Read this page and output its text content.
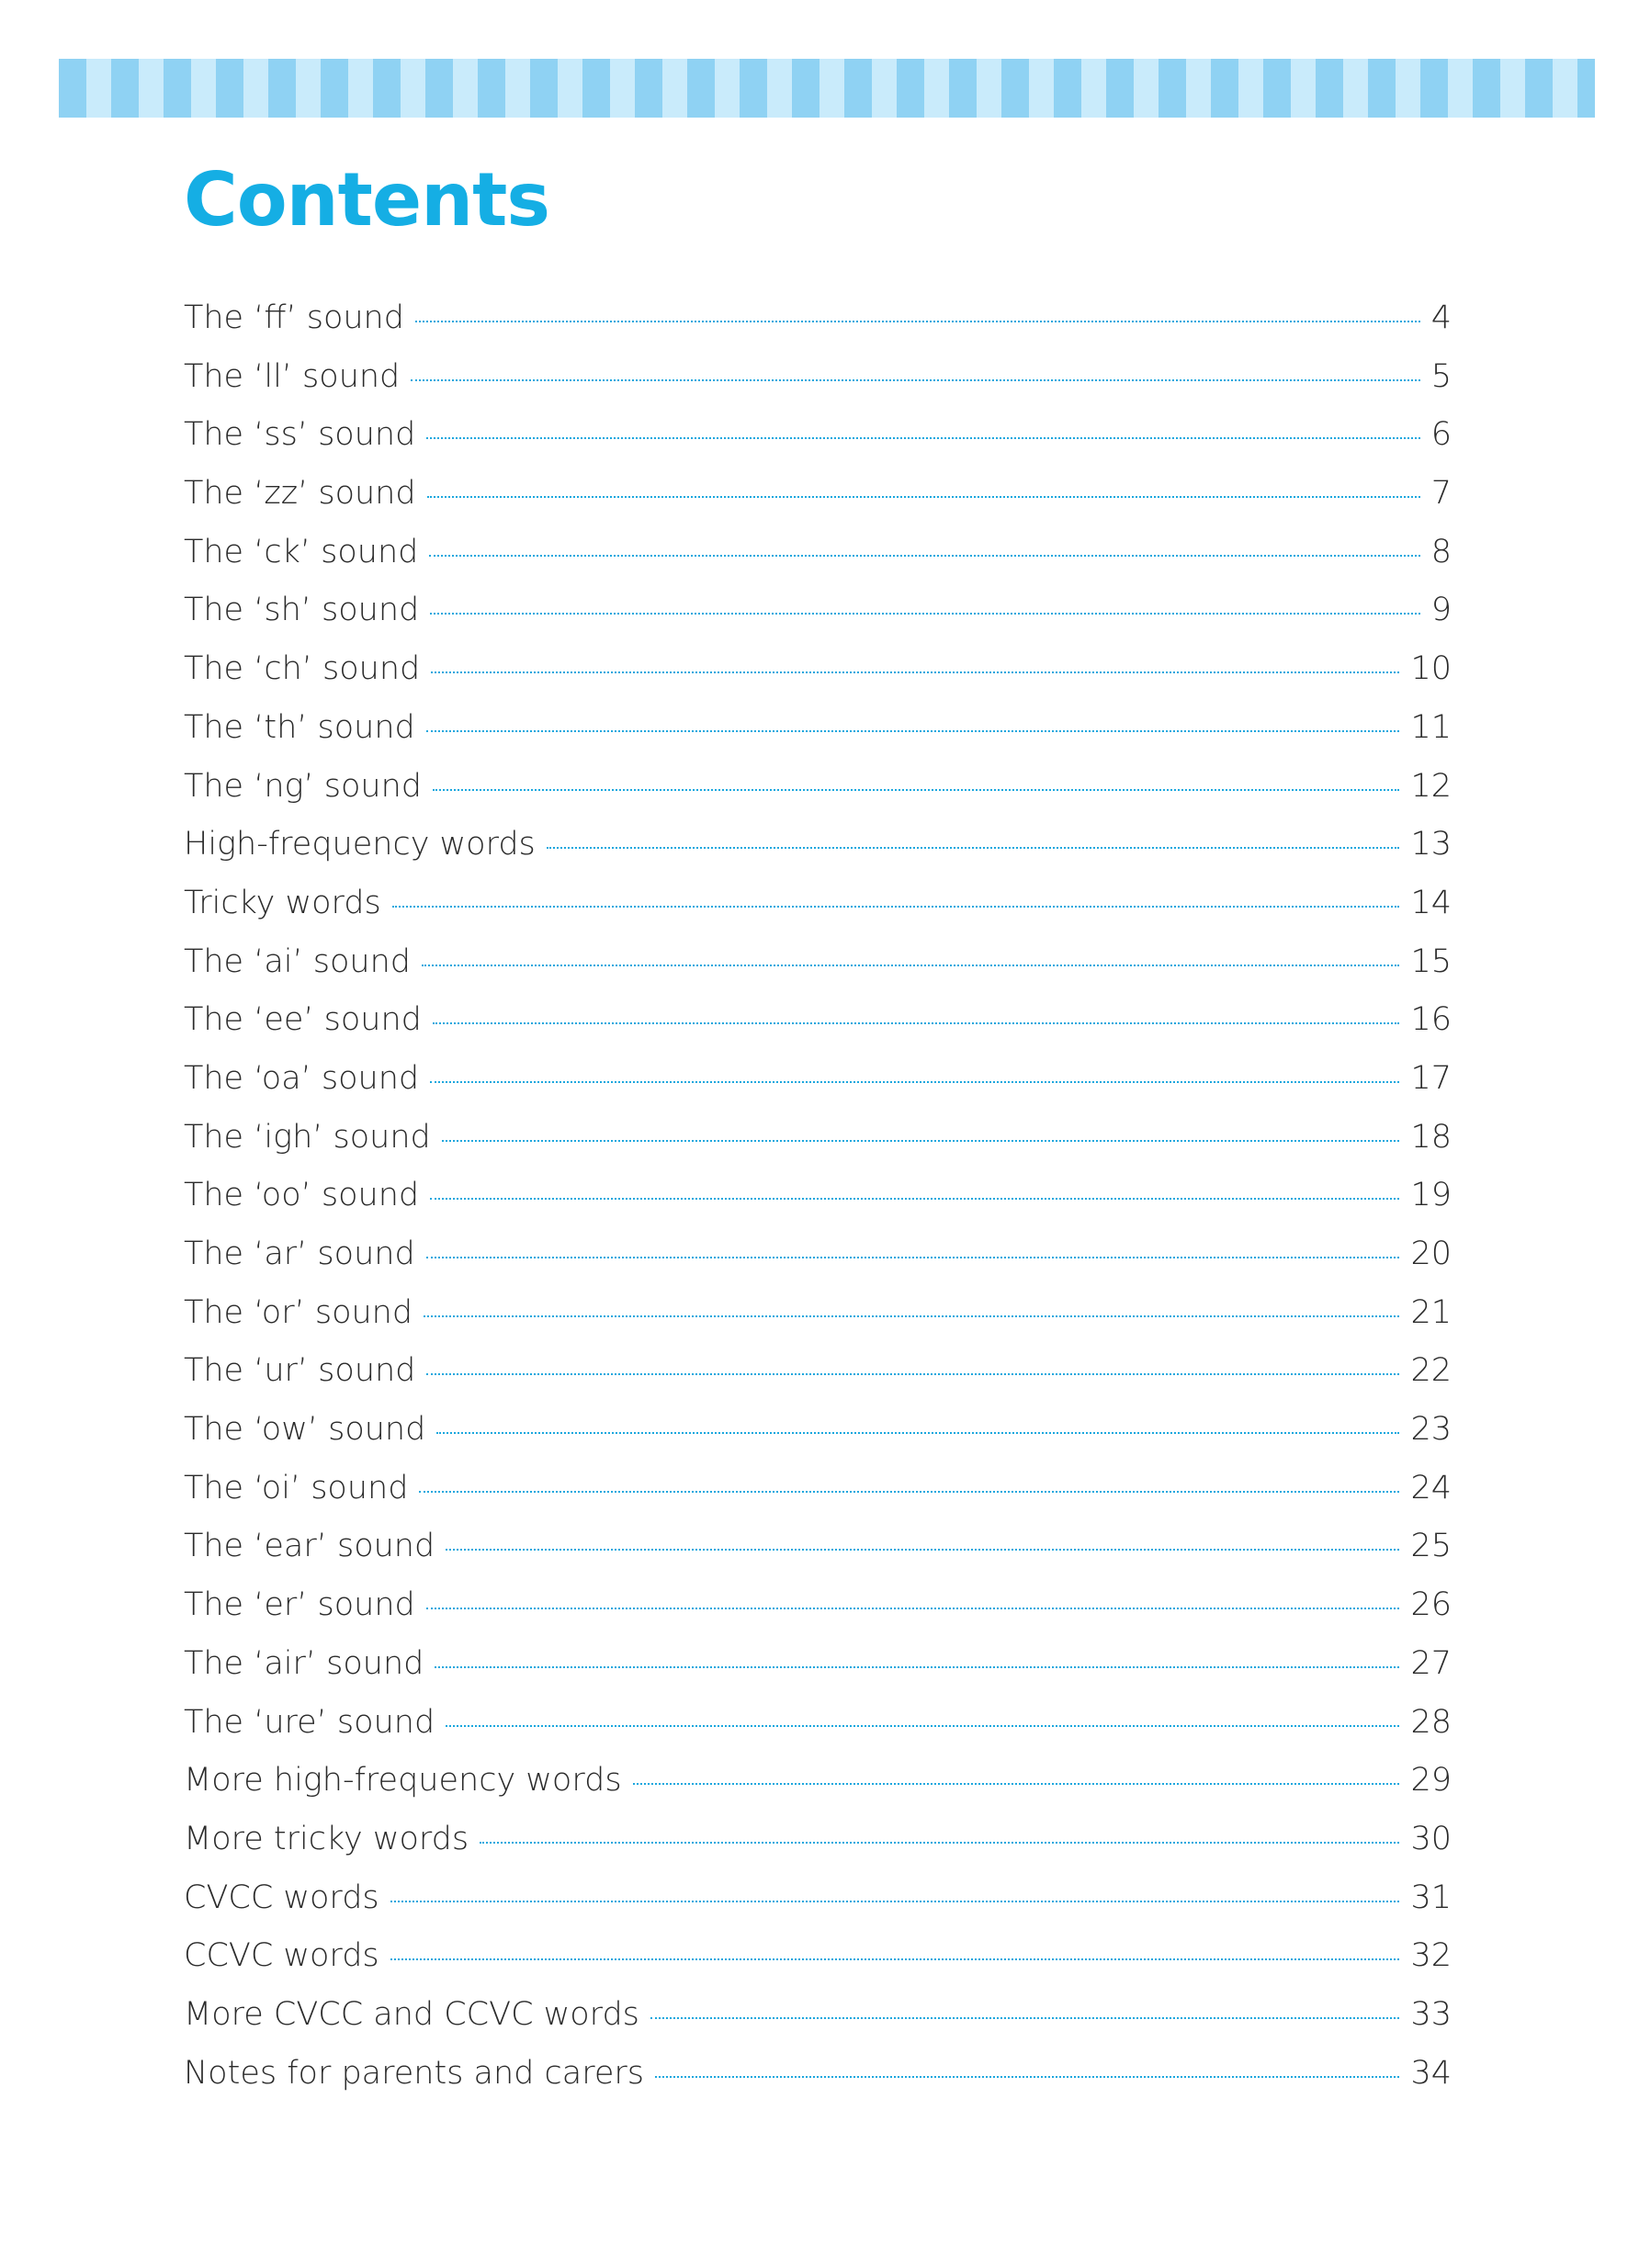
Contents
The ‘ff’ sound	4
The ‘ll’ sound	5
The ‘ss’ sound	6
The ‘zz’ sound	7
The ‘ck’ sound	8
The ‘sh’ sound	9
The ‘ch’ sound	10
The ‘th’ sound	11
The ‘ng’ sound	12
High-frequency words	13
Tricky words	14
The ‘ai’ sound	15
The ‘ee’ sound	16
The ‘oa’ sound	17
The ‘igh’ sound	18
The ‘oo’ sound	19
The ‘ar’ sound	20
The ‘or’ sound	21
The ‘ur’ sound	22
The ‘ow’ sound	23
The ‘oi’ sound	24
The ‘ear’ sound	25
The ‘er’ sound	26
The ‘air’ sound	27
The ‘ure’ sound	28
More high-frequency words	29
More tricky words	30
CVCC words	31
CCVC words	32
More CVCC and CCVC words	33
Notes for parents and carers	34
